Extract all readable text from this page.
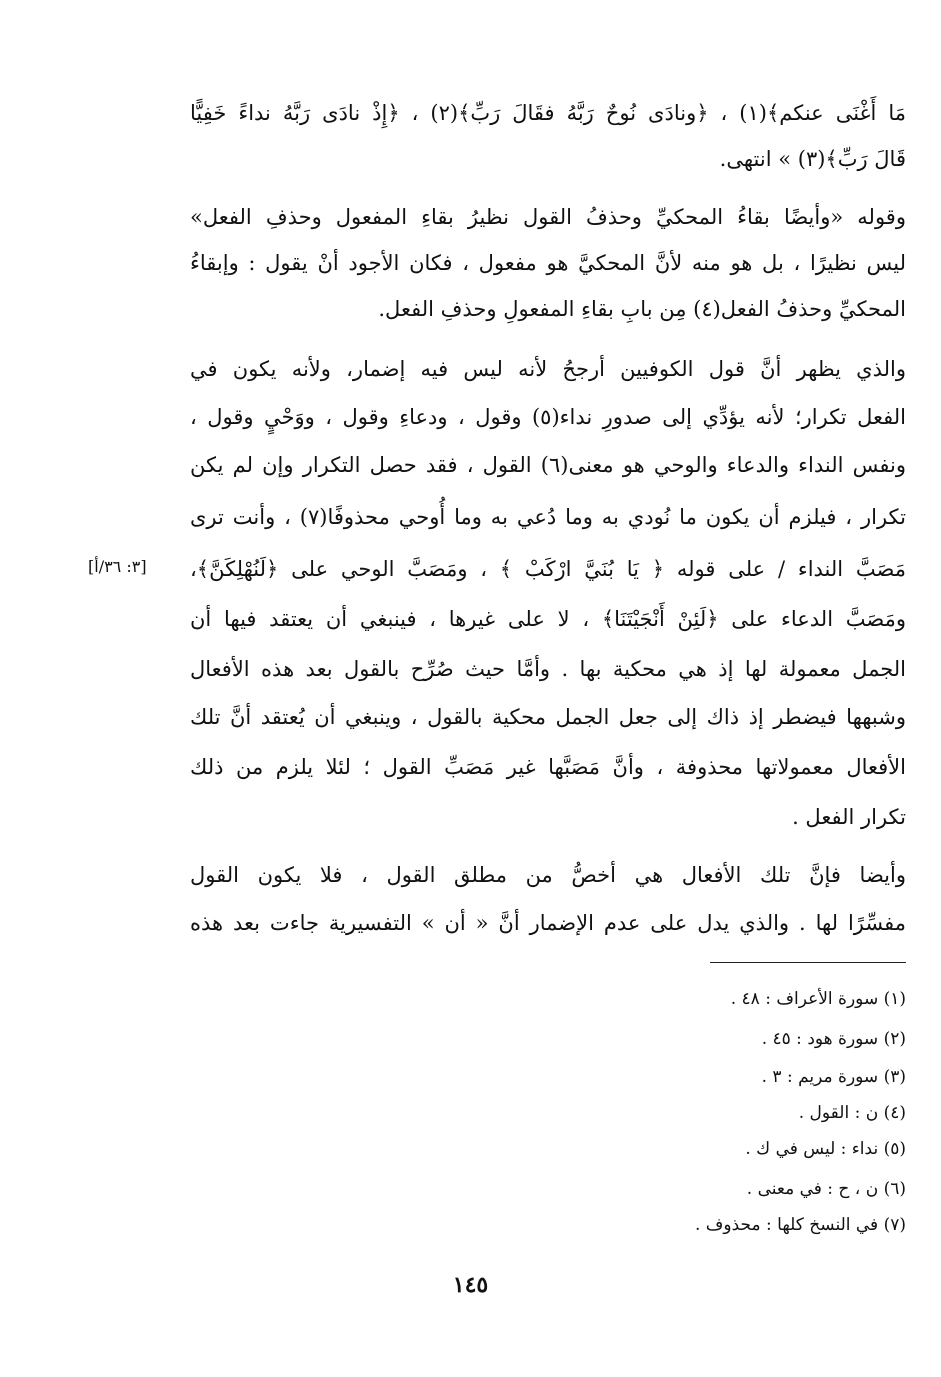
مَا أَغْنَى عنكم﴾(١) ، ﴿ونادَى نُوحٌ رَبَّهُ فقَالَ رَبِّ﴾(٢) ، ﴿إِذْ نادَى رَبَّهُ نداءً خَفِيًّا
قَالَ رَبِّ﴾(٣) » انتهى.
وقوله «وأيضًا بقاءُ المحكيِّ وحذفُ القول نظيرُ بقاءِ المفعول وحذفِ الفعل»
ليس نظيرًا ، بل هو منه لأنَّ المحكيَّ هو مفعول ، فكان الأجود أنْ يقول : وإبقاءُ
المحكيِّ وحذفُ الفعل(٤) مِن بابِ بقاءِ المفعولِ وحذفِ الفعل.
والذي يظهر أنَّ قول الكوفيين أرجحُ لأنه ليس فيه إضمار، ولأنه يكون في
الفعل تكرار؛ لأنه يؤدِّي إلى صدورِ نداء(٥) وقول ، ودعاءِ وقول ، ووَحْيٍ وقول ،
ونفس النداء والدعاء والوحي هو معنى(٦) القول ، فقد حصل التكرار وإن لم يكن
تكرار ، فيلزم أن يكون ما نُودي به وما دُعي به وما أُوحي محذوفًا(٧) ، وأنت ترى
مَصَبَّ النداء / على قوله ﴿ يَا بُنَيَّ ارْكَبْ ﴾ ، ومَصَبَّ الوحي على ﴿لَنُهْلِكَنَّ﴾،
ومَصَبَّ الدعاء على ﴿لَئِنْ أَنْجَيْتَنَا﴾ ، لا على غيرها ، فينبغي أن يعتقد فيها أن
الجمل معمولة لها إذ هي محكية بها . وأمَّا حيث صُرِّح بالقول بعد هذه الأفعال
وشبهها فيضطر إذ ذاك إلى جعل الجمل محكية بالقول ، وينبغي أن يُعتقد أنَّ تلك
الأفعال معمولاتها محذوفة ، وأنَّ مَصَبَّها غير مَصَبِّ القول ؛ لئلا يلزم من ذلك
تكرار الفعل .
وأيضا فإنَّ تلك الأفعال هي أخصُّ من مطلق القول ، فلا يكون القول
مفسِّرًا لها . والذي يدل على عدم الإضمار أنَّ « أن » التفسيرية جاءت بعد هذه
[٣: ٣٦/أ]
(١) سورة الأعراف : ٤٨ .
(٢) سورة هود : ٤٥ .
(٣) سورة مريم : ٣ .
(٤) ن : القول .
(٥) نداء : ليس في ك .
(٦) ن ، ح : في معنى .
(٧) في النسخ كلها : محذوف .
١٤٥
